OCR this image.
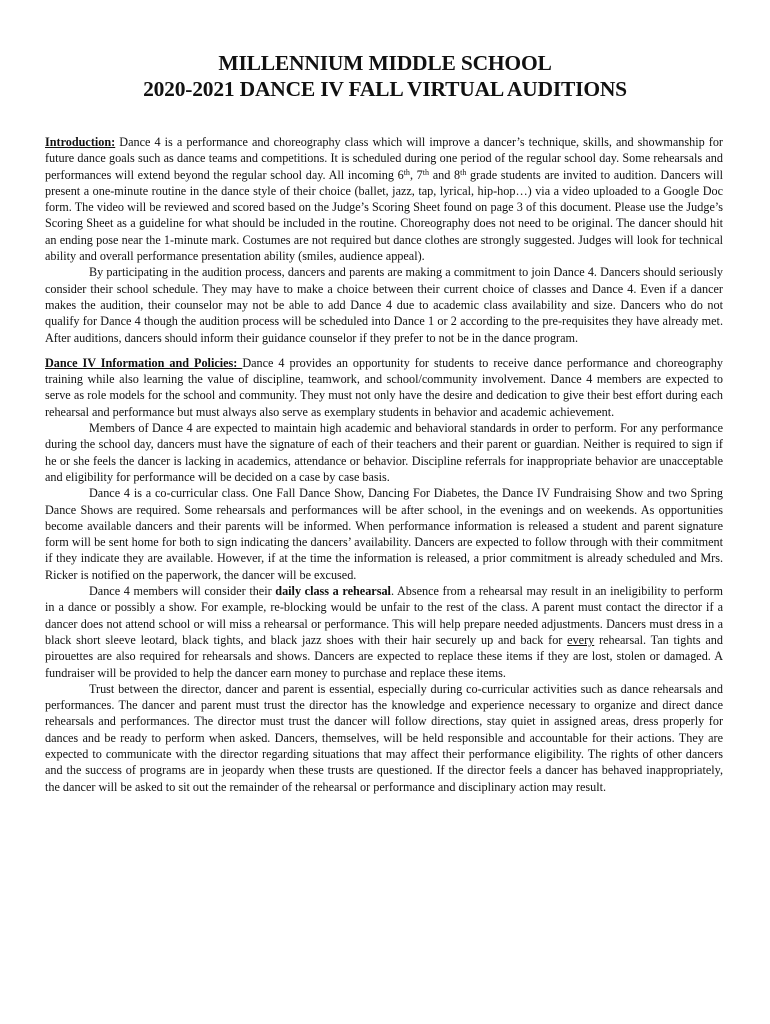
MILLENNIUM MIDDLE SCHOOL
2020-2021 DANCE IV FALL VIRTUAL AUDITIONS

Introduction: Dance 4 is a performance and choreography class which will improve a dancer’s technique, skills, and showmanship for future dance goals such as dance teams and competitions. It is scheduled during one period of the regular school day. Some rehearsals and performances will extend beyond the regular school day. All incoming 6th, 7th and 8th grade students are invited to audition. Dancers will present a one-minute routine in the dance style of their choice (ballet, jazz, tap, lyrical, hip-hop…) via a video uploaded to a Google Doc form. The video will be reviewed and scored based on the Judge’s Scoring Sheet found on page 3 of this document. Please use the Judge’s Scoring Sheet as a guideline for what should be included in the routine. Choreography does not need to be original. The dancer should hit an ending pose near the 1-minute mark. Costumes are not required but dance clothes are strongly suggested. Judges will look for technical ability and overall performance presentation ability (smiles, audience appeal).

By participating in the audition process, dancers and parents are making a commitment to join Dance 4. Dancers should seriously consider their school schedule. They may have to make a choice between their current choice of classes and Dance 4. Even if a dancer makes the audition, their counselor may not be able to add Dance 4 due to academic class availability and size. Dancers who do not qualify for Dance 4 though the audition process will be scheduled into Dance 1 or 2 according to the pre-requisites they have already met. After auditions, dancers should inform their guidance counselor if they prefer to not be in the dance program.

Dance IV Information and Policies: Dance 4 provides an opportunity for students to receive dance performance and choreography training while also learning the value of discipline, teamwork, and school/community involvement. Dance 4 members are expected to serve as role models for the school and community. They must not only have the desire and dedication to give their best effort during each rehearsal and performance but must always also serve as exemplary students in behavior and academic achievement.

Members of Dance 4 are expected to maintain high academic and behavioral standards in order to perform. For any performance during the school day, dancers must have the signature of each of their teachers and their parent or guardian. Neither is required to sign if he or she feels the dancer is lacking in academics, attendance or behavior. Discipline referrals for inappropriate behavior are unacceptable and eligibility for performance will be decided on a case by case basis.

Dance 4 is a co-curricular class. One Fall Dance Show, Dancing For Diabetes, the Dance IV Fundraising Show and two Spring Dance Shows are required. Some rehearsals and performances will be after school, in the evenings and on weekends. As opportunities become available dancers and their parents will be informed. When performance information is released a student and parent signature form will be sent home for both to sign indicating the dancers’ availability. Dancers are expected to follow through with their commitment if they indicate they are available. However, if at the time the information is released, a prior commitment is already scheduled and Mrs. Ricker is notified on the paperwork, the dancer will be excused.

Dance 4 members will consider their daily class a rehearsal. Absence from a rehearsal may result in an ineligibility to perform in a dance or possibly a show. For example, re-blocking would be unfair to the rest of the class. A parent must contact the director if a dancer does not attend school or will miss a rehearsal or performance. This will help prepare needed adjustments. Dancers must dress in a black short sleeve leotard, black tights, and black jazz shoes with their hair securely up and back for every rehearsal. Tan tights and pirouettes are also required for rehearsals and shows. Dancers are expected to replace these items if they are lost, stolen or damaged. A fundraiser will be provided to help the dancer earn money to purchase and replace these items.

Trust between the director, dancer and parent is essential, especially during co-curricular activities such as dance rehearsals and performances. The dancer and parent must trust the director has the knowledge and experience necessary to organize and direct dance rehearsals and performances. The director must trust the dancer will follow directions, stay quiet in assigned areas, dress properly for dances and be ready to perform when asked. Dancers, themselves, will be held responsible and accountable for their actions. They are expected to communicate with the director regarding situations that may affect their performance eligibility. The rights of other dancers and the success of programs are in jeopardy when these trusts are questioned. If the director feels a dancer has behaved inappropriately, the dancer will be asked to sit out the remainder of the rehearsal or performance and disciplinary action may result.
